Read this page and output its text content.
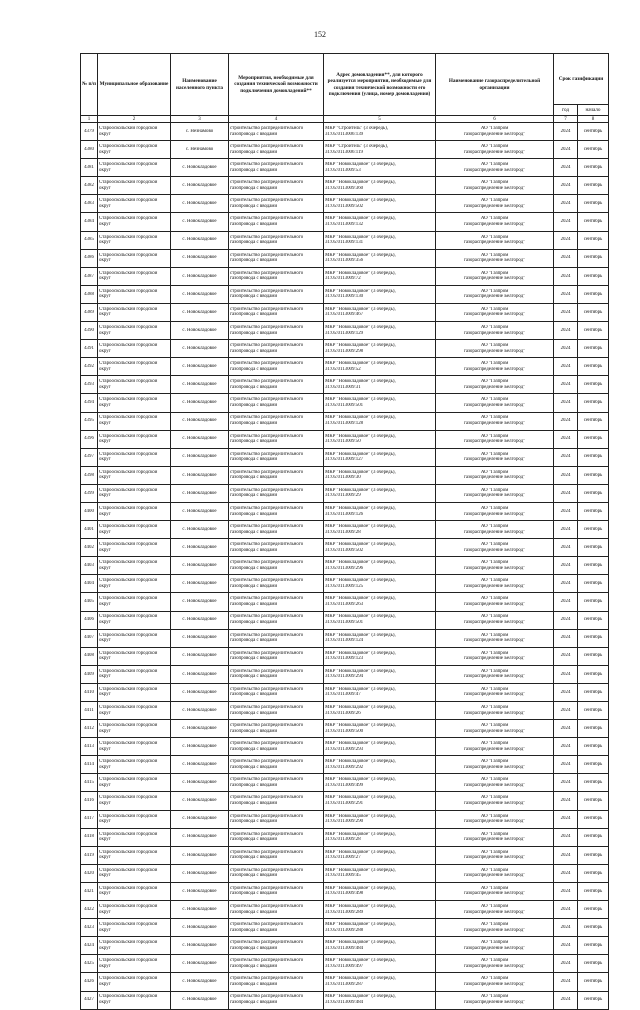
152
№ п/п	Муниципальное образование	Наименование населенного пункта	Мероприятия, необходимые для создания технической возможности подключения домовладений**	Адрес домовладения**, для которого реализуется мероприятия, необходимые для создания технической возможности его подключения (улица, номер домовладения)	Наименование газораспределительной организации	Срок газификации	
						год	начало
1	2	3	4	5	6	7	8

4379	Старооскольский городской
округ	с. Незнамово	строительство распределительного
газопровода с вводами	МКР "Строитель" (3 очередь),
31:05:0113006:139	АО "Газпром
газораспределение Белгород"	2024	сентябрь

4380	Старооскольский городской
округ	с. Незнамово	строительство распределительного
газопровода с вводами	МКР "Строитель" (3 очередь),
31:05:0113006:119	АО "Газпром
газораспределение Белгород"	2024	сентябрь

4381	Старооскольский городской
округ	с. Новокладовое	строительство распределительного
газопровода с вводами	МКР "Новокладовое" (3 очередь),
31:05:0113009:53	АО "Газпром
газораспределение Белгород"	2024	сентябрь

4382	Старооскольский городской
округ	с. Новокладовое	строительство распределительного
газопровода с вводами	МКР "Новокладовое" (3 очередь),
31:05:0113009:360	АО "Газпром
газораспределение Белгород"	2024	сентябрь

4383	Старооскольский городской
округ	с. Новокладовое	строительство распределительного
газопровода с вводами	МКР "Новокладовое" (3 очередь),
31:05:0113009:502	АО "Газпром
газораспределение Белгород"	2024	сентябрь

4384	Старооскольский городской
округ	с. Новокладовое	строительство распределительного
газопровода с вводами	МКР "Новокладовое" (3 очередь),
31:05:0113009:132	АО "Газпром
газораспределение Белгород"	2024	сентябрь

4385	Старооскольский городской
округ	с. Новокладовое	строительство распределительного
газопровода с вводами	МКР "Новокладовое" (3 очередь),
31:05:0113009:131	АО "Газпром
газораспределение Белгород"	2024	сентябрь

4386	Старооскольский городской
округ	с. Новокладовое	строительство распределительного
газопровода с вводами	МКР "Новокладовое" (3 очередь),
31:05:0113009:356	АО "Газпром
газораспределение Белгород"	2024	сентябрь

4387	Старооскольский городской
округ	с. Новокладовое	строительство распределительного
газопровода с вводами	МКР "Новокладовое" (3 очередь),
31:05:0113009:72	АО "Газпром
газораспределение Белгород"	2024	сентябрь

4388	Старооскольский городской
округ	с. Новокладовое	строительство распределительного
газопровода с вводами	МКР "Новокладовое" (3 очередь),
31:05:0113009:130	АО "Газпром
газораспределение Белгород"	2024	сентябрь

4389	Старооскольский городской
округ	с. Новокладовое	строительство распределительного
газопровода с вводами	МКР "Новокладовое" (3 очередь),
31:05:0113009:467	АО "Газпром
газораспределение Белгород"	2024	сентябрь

4390	Старооскольский городской
округ	с. Новокладовое	строительство распределительного
газопровода с вводами	МКР "Новокладовое" (3 очередь),
31:05:0113009:129	АО "Газпром
газораспределение Белгород"	2024	сентябрь

4391	Старооскольский городской
округ	с. Новокладовое	строительство распределительного
газопровода с вводами	МКР "Новокладовое" (3 очередь),
31:05:0113009:298	АО "Газпром
газораспределение Белгород"	2024	сентябрь

4392	Старооскольский городской
округ	с. Новокладовое	строительство распределительного
газопровода с вводами	МКР "Новокладовое" (3 очередь),
31:05:0113009:52	АО "Газпром
газораспределение Белгород"	2024	сентябрь

4393	Старооскольский городской
округ	с. Новокладовое	строительство распределительного
газопровода с вводами	МКР "Новокладовое" (3 очередь),
31:05:0113009:31	АО "Газпром
газораспределение Белгород"	2024	сентябрь

4394	Старооскольский городской
округ	с. Новокладовое	строительство распределительного
газопровода с вводами	МКР "Новокладовое" (3 очередь),
31:05:0113009:501	АО "Газпром
газораспределение Белгород"	2024	сентябрь

4395	Старооскольский городской
округ	с. Новокладовое	строительство распределительного
газопровода с вводами	МКР "Новокладовое" (3 очередь),
31:05:0113009:128	АО "Газпром
газораспределение Белгород"	2024	сентябрь

4396	Старооскольский городской
округ	с. Новокладовое	строительство распределительного
газопровода с вводами	МКР "Новокладовое" (3 очередь),
31:05:0113009:50	АО "Газпром
газораспределение Белгород"	2024	сентябрь

4397	Старооскольский городской
округ	с. Новокладовое	строительство распределительного
газопровода с вводами	МКР "Новокладовое" (3 очередь),
31:05:0113009:127	АО "Газпром
газораспределение Белгород"	2024	сентябрь

4398	Старооскольский городской
округ	с. Новокладовое	строительство распределительного
газопровода с вводами	МКР "Новокладовое" (3 очередь),
31:05:0113009:30	АО "Газпром
газораспределение Белгород"	2024	сентябрь

4399	Старооскольский городской
округ	с. Новокладовое	строительство распределительного
газопровода с вводами	МКР "Новокладовое" (3 очередь),
31:05:0113009:29	АО "Газпром
газораспределение Белгород"	2024	сентябрь

4400	Старооскольский городской
округ	с. Новокладовое	строительство распределительного
газопровода с вводами	МКР "Новокладовое" (3 очередь),
31:05:0113009:126	АО "Газпром
газораспределение Белгород"	2024	сентябрь

4401	Старооскольский городской
округ	с. Новокладовое	строительство распределительного
газопровода с вводами	МКР "Новокладовое" (3 очередь),
31:05:0113009:28	АО "Газпром
газораспределение Белгород"	2024	сентябрь

4402	Старооскольский городской
округ	с. Новокладовое	строительство распределительного
газопровода с вводами	МКР "Новокладовое" (3 очередь),
31:05:0113009:502	АО "Газпром
газораспределение Белгород"	2024	сентябрь

4403	Старооскольский городской
округ	с. Новокладовое	строительство распределительного
газопровода с вводами	МКР "Новокладовое" (3 очередь),
31:05:0113009:296	АО "Газпром
газораспределение Белгород"	2024	сентябрь

4404	Старооскольский городской
округ	с. Новокладовое	строительство распределительного
газопровода с вводами	МКР "Новокладовое" (3 очередь),
31:05:0113009:125	АО "Газпром
газораспределение Белгород"	2024	сентябрь

4405	Старооскольский городской
округ	с. Новокладовое	строительство распределительного
газопровода с вводами	МКР "Новокладовое" (3 очередь),
31:05:0113009:263	АО "Газпром
газораспределение Белгород"	2024	сентябрь

4406	Старооскольский городской
округ	с. Новокладовое	строительство распределительного
газопровода с вводами	МКР "Новокладовое" (3 очередь),
31:05:0113009:501	АО "Газпром
газораспределение Белгород"	2024	сентябрь

4407	Старооскольский городской
округ	с. Новокладовое	строительство распределительного
газопровода с вводами	МКР "Новокладовое" (3 очередь),
31:05:0113009:124	АО "Газпром
газораспределение Белгород"	2024	сентябрь

4408	Старооскольский городской
округ	с. Новокладовое	строительство распределительного
газопровода с вводами	МКР "Новокладовое" (3 очередь),
31:05:0113009:123	АО "Газпром
газораспределение Белгород"	2024	сентябрь

4409	Старооскольский городской
округ	с. Новокладовое	строительство распределительного
газопровода с вводами	МКР "Новокладовое" (3 очередь),
31:05:0113009:294	АО "Газпром
газораспределение Белгород"	2024	сентябрь

4410	Старооскольский городской
округ	с. Новокладовое	строительство распределительного
газопровода с вводами	МКР "Новокладовое" (3 очередь),
31:05:0113009:47	АО "Газпром
газораспределение Белгород"	2024	сентябрь

4411	Старооскольский городской
округ	с. Новокладовое	строительство распределительного
газопровода с вводами	МКР "Новокладовое" (3 очередь),
31:05:0113009:26	АО "Газпром
газораспределение Белгород"	2024	сентябрь

4412	Старооскольский городской
округ	с. Новокладовое	строительство распределительного
газопровода с вводами	МКР "Новокладовое" (3 очередь),
31:05:0113009:500	АО "Газпром
газораспределение Белгород"	2024	сентябрь

4413	Старооскольский городской
округ	с. Новокладовое	строительство распределительного
газопровода с вводами	МКР "Новокладовое" (3 очередь),
31:05:0113009:293	АО "Газпром
газораспределение Белгород"	2024	сентябрь

4414	Старооскольский городской
округ	с. Новокладовое	строительство распределительного
газопровода с вводами	МКР "Новокладовое" (3 очередь),
31:05:0113009:292	АО "Газпром
газораспределение Белгород"	2024	сентябрь

4415	Старооскольский городской
округ	с. Новокладовое	строительство распределительного
газопровода с вводами	МКР "Новокладовое" (3 очередь),
31:05:0113009:499	АО "Газпром
газораспределение Белгород"	2024	сентябрь

4416	Старооскольский городской
округ	с. Новокладовое	строительство распределительного
газопровода с вводами	МКР "Новокладовое" (3 очередь),
31:05:0113009:291	АО "Газпром
газораспределение Белгород"	2024	сентябрь

4417	Старооскольский городской
округ	с. Новокладовое	строительство распределительного
газопровода с вводами	МКР "Новокладовое" (3 очередь),
31:05:0113009:290	АО "Газпром
газораспределение Белгород"	2024	сентябрь

4418	Старооскольский городской
округ	с. Новокладовое	строительство распределительного
газопровода с вводами	МКР "Новокладовое" (3 очередь),
31:05:0113009:28	АО "Газпром
газораспределение Белгород"	2024	сентябрь

4419	Старооскольский городской
округ	с. Новокладовое	строительство распределительного
газопровода с вводами	МКР "Новокладовое" (3 очередь),
31:05:0113009:27	АО "Газпром
газораспределение Белгород"	2024	сентябрь

4420	Старооскольский городской
округ	с. Новокладовое	строительство распределительного
газопровода с вводами	МКР "Новокладовое" (3 очередь),
31:05:0113009:45	АО "Газпром
газораспределение Белгород"	2024	сентябрь

4421	Старооскольский городской
округ	с. Новокладовое	строительство распределительного
газопровода с вводами	МКР "Новокладовое" (3 очередь),
31:05:0113009:498	АО "Газпром
газораспределение Белгород"	2024	сентябрь

4422	Старооскольский городской
округ	с. Новокладовое	строительство распределительного
газопровода с вводами	МКР "Новокладовое" (3 очередь),
31:05:0113009:289	АО "Газпром
газораспределение Белгород"	2024	сентябрь

4423	Старооскольский городской
округ	с. Новокладовое	строительство распределительного
газопровода с вводами	МКР "Новокладовое" (3 очередь),
31:05:0113009:288	АО "Газпром
газораспределение Белгород"	2024	сентябрь

4424	Старооскольский городской
округ	с. Новокладовое	строительство распределительного
газопровода с вводами	МКР "Новокладовое" (3 очередь),
31:05:0113009:484	АО "Газпром
газораспределение Белгород"	2024	сентябрь

4425	Старооскольский городской
округ	с. Новокладовое	строительство распределительного
газопровода с вводами	МКР "Новокладовое" (3 очередь),
31:05:0113009:497	АО "Газпром
газораспределение Белгород"	2024	сентябрь

4426	Старооскольский городской
округ	с. Новокладовое	строительство распределительного
газопровода с вводами	МКР "Новокладовое" (3 очередь),
31:05:0113009:287	АО "Газпром
газораспределение Белгород"	2024	сентябрь

4427	Старооскольский городской
округ	с. Новокладовое	строительство распределительного
газопровода с вводами	МКР "Новокладовое" (3 очередь),
31:05:0113009:484	АО "Газпром
газораспределение Белгород"	2024	сентябрь
